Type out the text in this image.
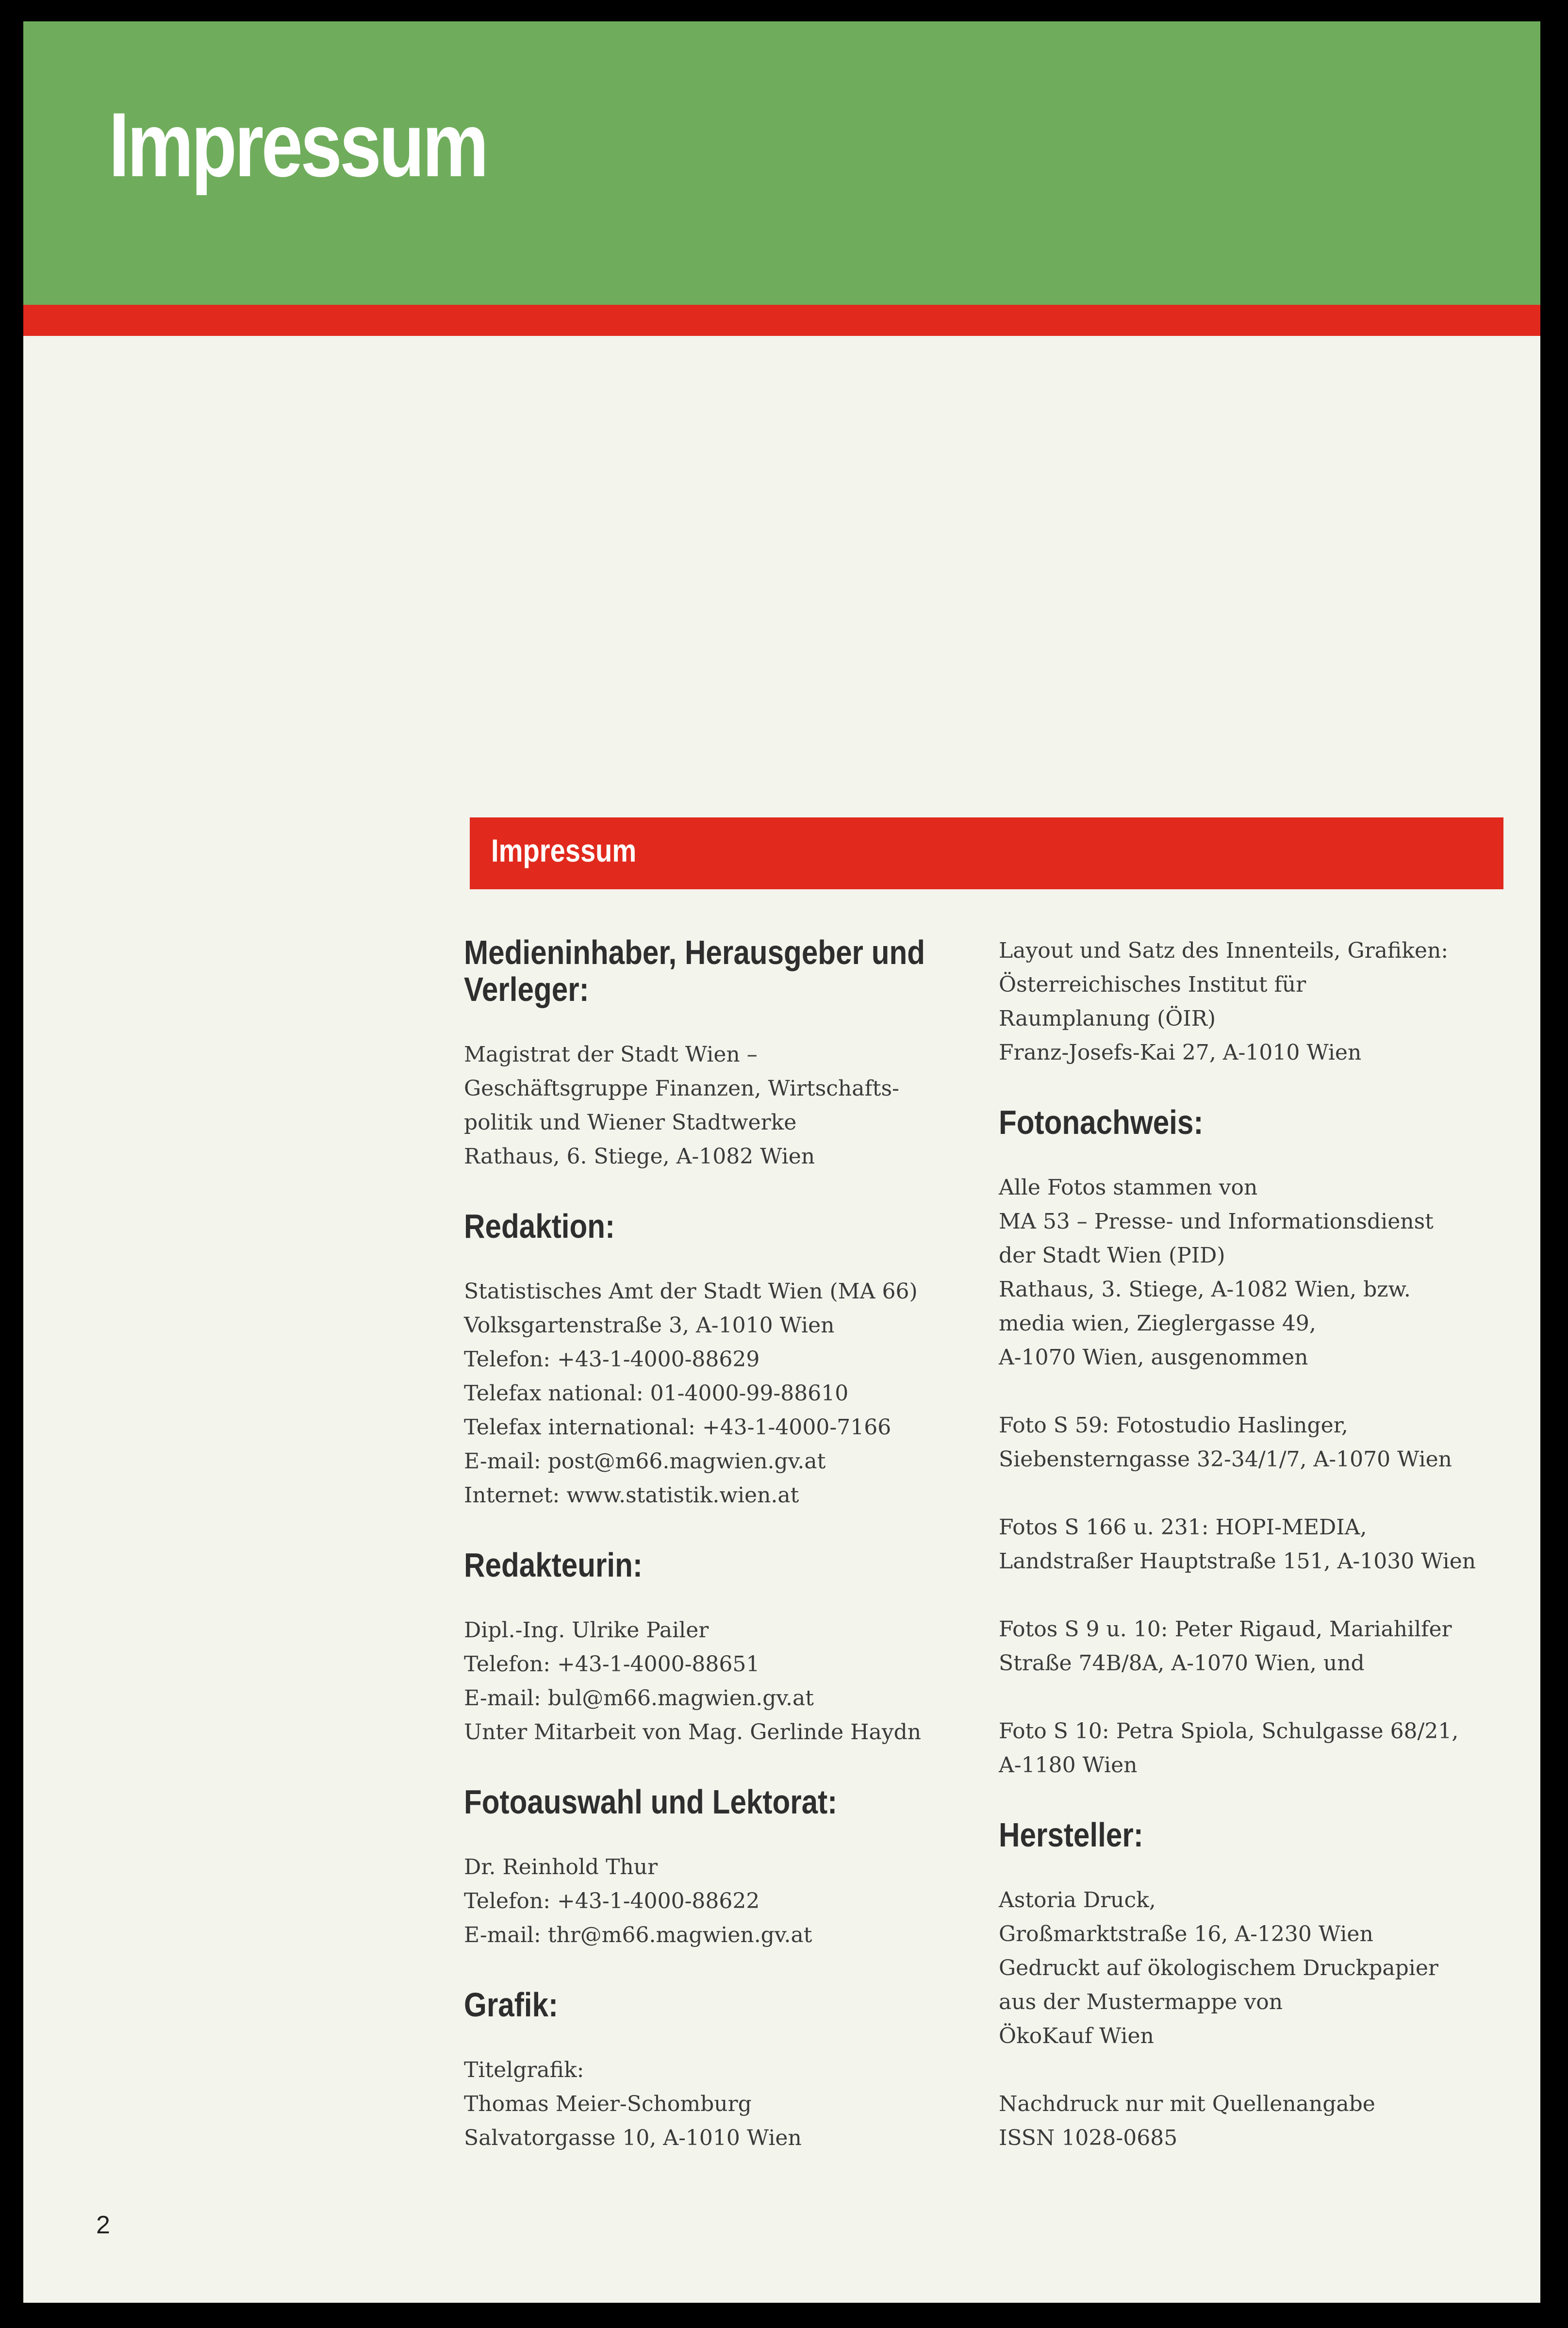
Impressum
Impressum
Medieninhaber, Herausgeber und Verleger:
Magistrat der Stadt Wien –
Geschäftsgruppe Finanzen, Wirtschafts-
politik und Wiener Stadtwerke
Rathaus, 6. Stiege, A-1082 Wien
Redaktion:
Statistisches Amt der Stadt Wien (MA 66)
Volksgartenstraße 3, A-1010 Wien
Telefon: +43-1-4000-88629
Telefax national: 01-4000-99-88610
Telefax international: +43-1-4000-7166
E-mail: post@m66.magwien.gv.at
Internet: www.statistik.wien.at
Redakteurin:
Dipl.-Ing. Ulrike Pailer
Telefon: +43-1-4000-88651
E-mail: bul@m66.magwien.gv.at
Unter Mitarbeit von Mag. Gerlinde Haydn
Fotoauswahl und Lektorat:
Dr. Reinhold Thur
Telefon: +43-1-4000-88622
E-mail: thr@m66.magwien.gv.at
Grafik:
Titelgrafik:
Thomas Meier-Schomburg
Salvatorgasse 10, A-1010 Wien
Layout und Satz des Innenteils, Grafiken:
Österreichisches Institut für
Raumplanung (ÖIR)
Franz-Josefs-Kai 27, A-1010 Wien
Fotonachweis:
Alle Fotos stammen von
MA 53 – Presse- und Informationsdienst
der Stadt Wien (PID)
Rathaus, 3. Stiege, A-1082 Wien, bzw.
media wien, Zieglergasse 49,
A-1070 Wien, ausgenommen
Foto S 59: Fotostudio Haslinger,
Siebensterngasse 32-34/1/7, A-1070 Wien
Fotos S 166 u. 231: HOPI-MEDIA,
Landstraßer Hauptstraße 151, A-1030 Wien
Fotos S 9 u. 10: Peter Rigaud, Mariahilfer
Straße 74B/8A, A-1070 Wien, und
Foto S 10: Petra Spiola, Schulgasse 68/21,
A-1180 Wien
Hersteller:
Astoria Druck,
Großmarktstraße 16, A-1230 Wien
Gedruckt auf ökologischem Druckpapier
aus der Mustermappe von
ÖkoKauf Wien
Nachdruck nur mit Quellenangabe
ISSN 1028-0685
2
